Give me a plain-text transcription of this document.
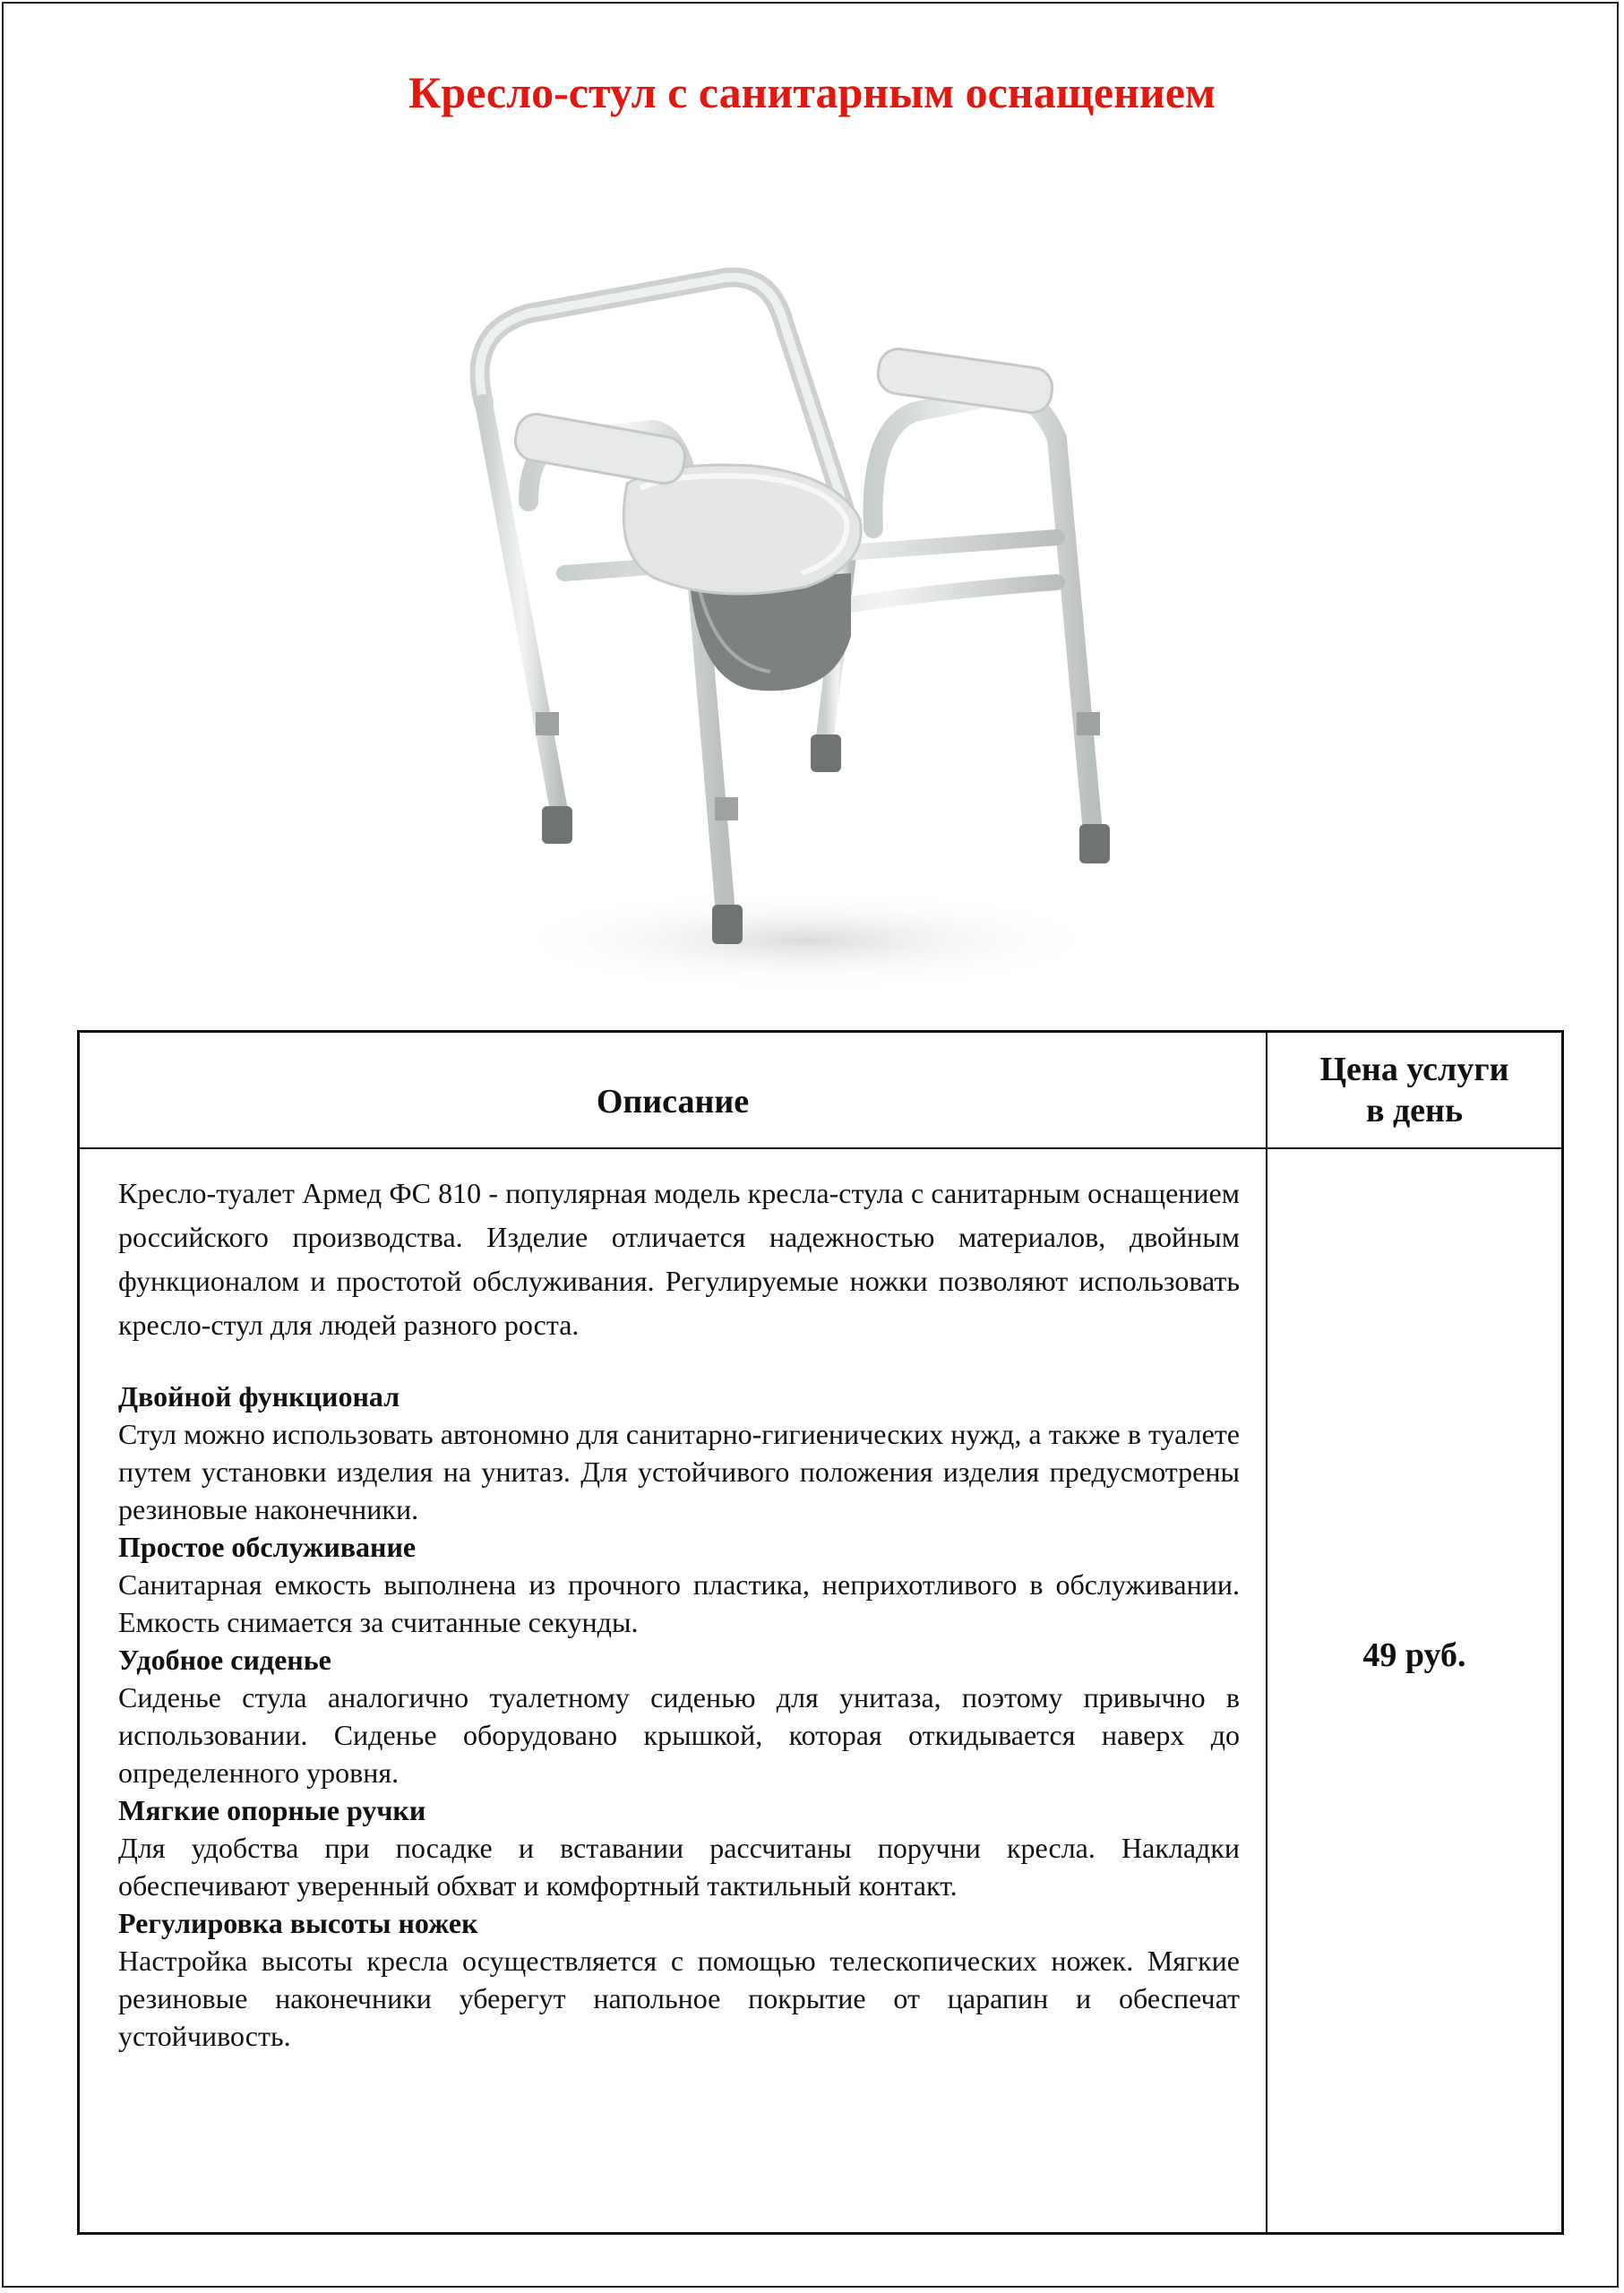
Кресло-стул с санитарным оснащением
Описание
Цена услуги
в день

Кресло-туалет Армед ФС 810 - популярная модель кресла-стула с санитарным оснащением российского производства. Изделие отличается надежностью материалов, двойным функционалом и простотой обслуживания. Регулируемые ножки позволяют использовать кресло-стул для людей разного роста.

Двойной функционал

Стул можно использовать автономно для санитарно-гигиенических нужд, а также в туалете путем установки изделия на унитаз. Для устойчивого положения изделия предусмотрены резиновые наконечники.

Простое обслуживание

Санитарная емкость выполнена из прочного пластика, неприхотливого в обслуживании. Емкость снимается за считанные секунды.

Удобное сиденье

Сиденье стула аналогично туалетному сиденью для унитаза, поэтому привычно в использовании. Сиденье оборудовано крышкой, которая откидывается наверх до определенного уровня.

Мягкие опорные ручки

Для удобства при посадке и вставании рассчитаны поручни кресла. Накладки обеспечивают уверенный обхват и комфортный тактильный контакт.

Регулировка высоты ножек

Настройка высоты кресла осуществляется с помощью телескопических ножек. Мягкие резиновые наконечники уберегут напольное покрытие от царапин и обеспечат устойчивость.

49 руб.
